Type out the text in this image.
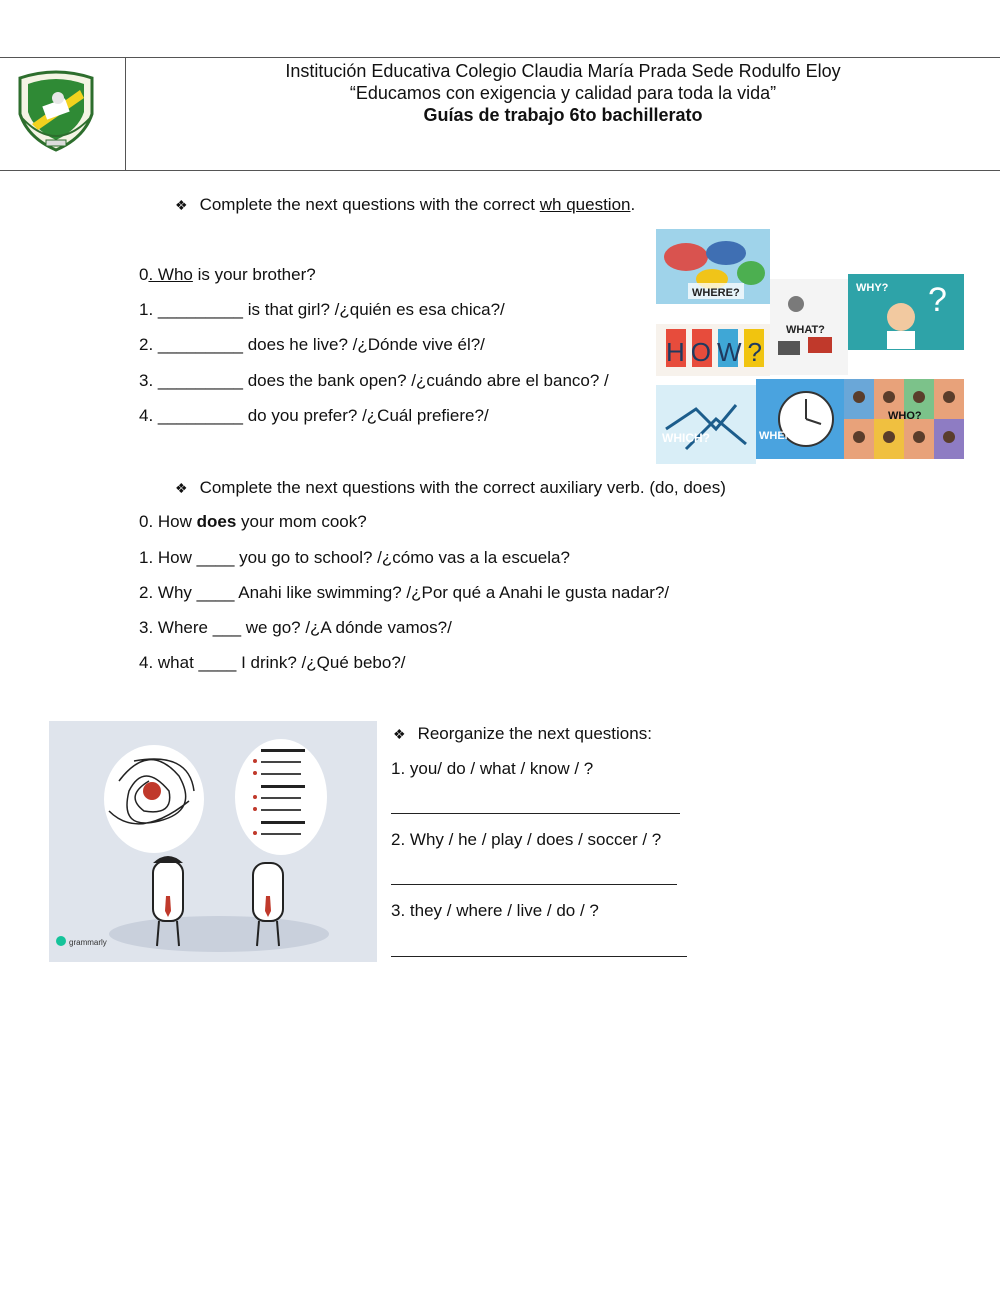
Institución Educativa Colegio Claudia María Prada Sede Rodulfo Eloy
“Educamos con exigencia y calidad para toda la vida”
Guías de trabajo 6to bachillerato
❖ Complete the next questions with the correct wh question.
0. Who is your brother?
1. _________ is that girl? /¿quién es esa chica?/
2. _________ does he live? /¿Dónde vive él?/
3. _________ does the bank open? /¿cuándo abre el banco? /
4. _________ do you prefer? /¿Cuál prefiere?/
WHERE?	WHY? ?
WHAT?
HOW?
WHICH?	WHEN?
WHO?
❖ Complete the next questions with the correct auxiliary verb. (do, does)
0. How does your mom cook?
1. How ____ you go to school? /¿cómo vas a la escuela?
2. Why ____ Anahi like swimming? /¿Por qué a Anahi le gusta nadar?/
3. Where ___ we go? /¿A dónde vamos?/
4. what ____ I drink? /¿Qué bebo?/
grammarly
❖ Reorganize the next questions:
1. you/ do / what / know / ?
2. Why / he / play / does / soccer / ?
3. they / where / live / do / ?
